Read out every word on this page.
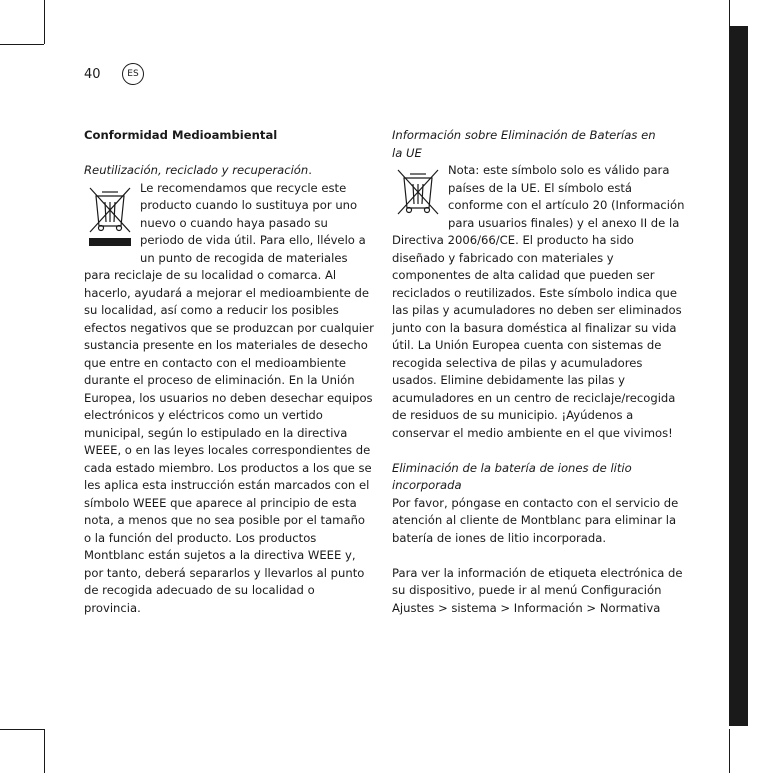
40	ES

Conformidad Medioambiental

Reutilización, reciclado y recuperación.

Le recomendamos que recycle este producto cuando lo sustituya por uno nuevo o cuando haya pasado su periodo de vida útil. Para ello, llévelo a un punto de recogida de materiales para reciclaje de su localidad o comarca. Al hacerlo, ayudará a mejorar el medioambiente de su localidad, así como a reducir los posibles efectos negativos que se produzcan por cualquier sustancia presente en los materiales de desecho que entre en contacto con el medioambiente durante el proceso de eliminación. En la Unión Europea, los usuarios no deben desechar equipos electrónicos y eléctricos como un vertido municipal, según lo estipulado en la directiva WEEE, o en las leyes locales correspondientes de cada estado miembro. Los productos a los que se les aplica esta instrucción están marcados con el símbolo WEEE que aparece al principio de esta nota, a menos que no sea posible por el tamaño o la función del producto. Los productos Montblanc están sujetos a la directiva WEEE y, por tanto, deberá separarlos y llevarlos al punto de recogida adecuado de su localidad o provincia.

Información sobre Eliminación de Baterías en la UE

Nota: este símbolo solo es válido para países de la UE. El símbolo está conforme con el artículo 20 (Información para usuarios finales) y el anexo II de la Directiva 2006/66/CE. El producto ha sido diseñado y fabricado con materiales y componentes de alta calidad que pueden ser reciclados o reutilizados. Este símbolo indica que las pilas y acumuladores no deben ser eliminados junto con la basura doméstica al finalizar su vida útil. La Unión Europea cuenta con sistemas de recogida selectiva de pilas y acumuladores usados. Elimine debidamente las pilas y acumuladores en un centro de reciclaje/recogida de residuos de su municipio. ¡Ayúdenos a conservar el medio ambiente en el que vivimos!

Eliminación de la batería de iones de litio incorporada

Por favor, póngase en contacto con el servicio de atención al cliente de Montblanc para eliminar la batería de iones de litio incorporada.

Para ver la información de etiqueta electrónica de su dispositivo, puede ir al menú Configuración Ajustes > sistema > Información > Normativa
